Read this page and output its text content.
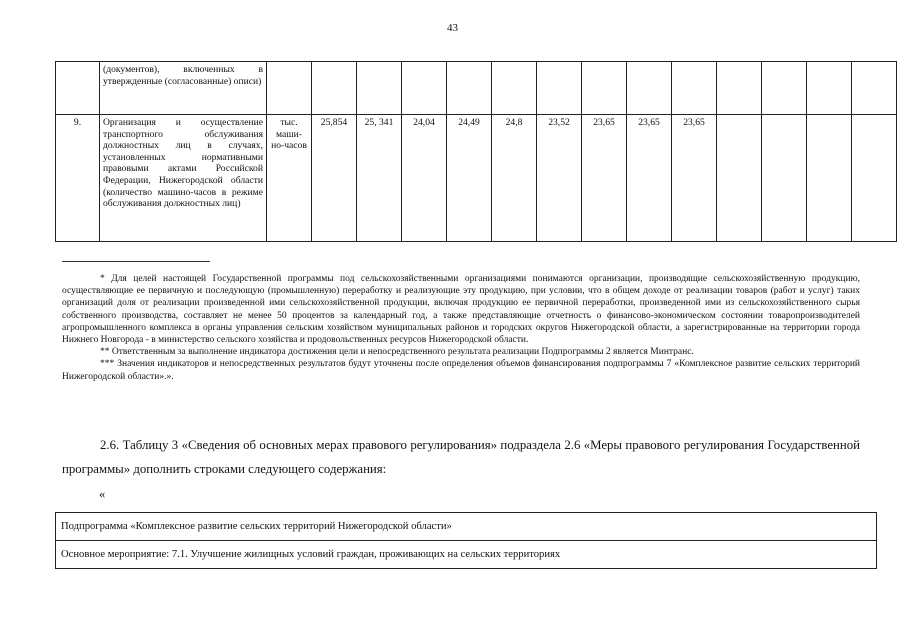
43
	(документов), включенных в утвержденные (согласованные) описи)														
9.	Организация и осуществление транспортного обслуживания должностных лиц в случаях, установленных нормативными правовыми актами Российской Федерации, Нижегородской области (количество машино-часов в режиме обслуживания должностных лиц)	тыс. маши-но-часов	25,854	25, 341	24,04	24,49	24,8	23,52	23,65	23,65	23,65				

* Для целей настоящей Государственной программы под сельскохозяйственными организациями понимаются организации, производящие сельскохозяйственную продукцию, осуществляющие ее первичную и последующую (промышленную) переработку и реализующие эту продукцию, при условии, что в общем доходе от реализации товаров (работ и услуг) таких организаций доля от реализации произведенной ими сельскохозяйственной продукции, включая продукцию ее первичной переработки, произведенной ими из сельскохозяйственного сырья собственного производства, составляет не менее 50 процентов за календарный год, а также представляющие отчетность о финансово-экономическом состоянии товаропроизводителей агропромышленного комплекса в органы управления сельским хозяйством муниципальных районов и городских округов Нижегородской области, а зарегистрированные на территории города Нижнего Новгорода - в министерство сельского хозяйства и продовольственных ресурсов Нижегородской области.

** Ответственным за выполнение индикатора достижения цели и непосредственного результата реализации Подпрограммы 2 является Минтранс.

*** Значения индикаторов и непосредственных результатов будут уточнены после определения объемов финансирования подпрограммы 7 «Комплексное развитие сельских территорий Нижегородской области».».

2.6. Таблицу 3 «Сведения об основных мерах правового регулирования» подраздела 2.6 «Меры правового регулирования Государственной программы» дополнить строками следующего содержания:

«
Подпрограмма «Комплексное развитие сельских территорий Нижегородской области»
Основное мероприятие: 7.1. Улучшение жилищных условий граждан, проживающих на сельских территориях
